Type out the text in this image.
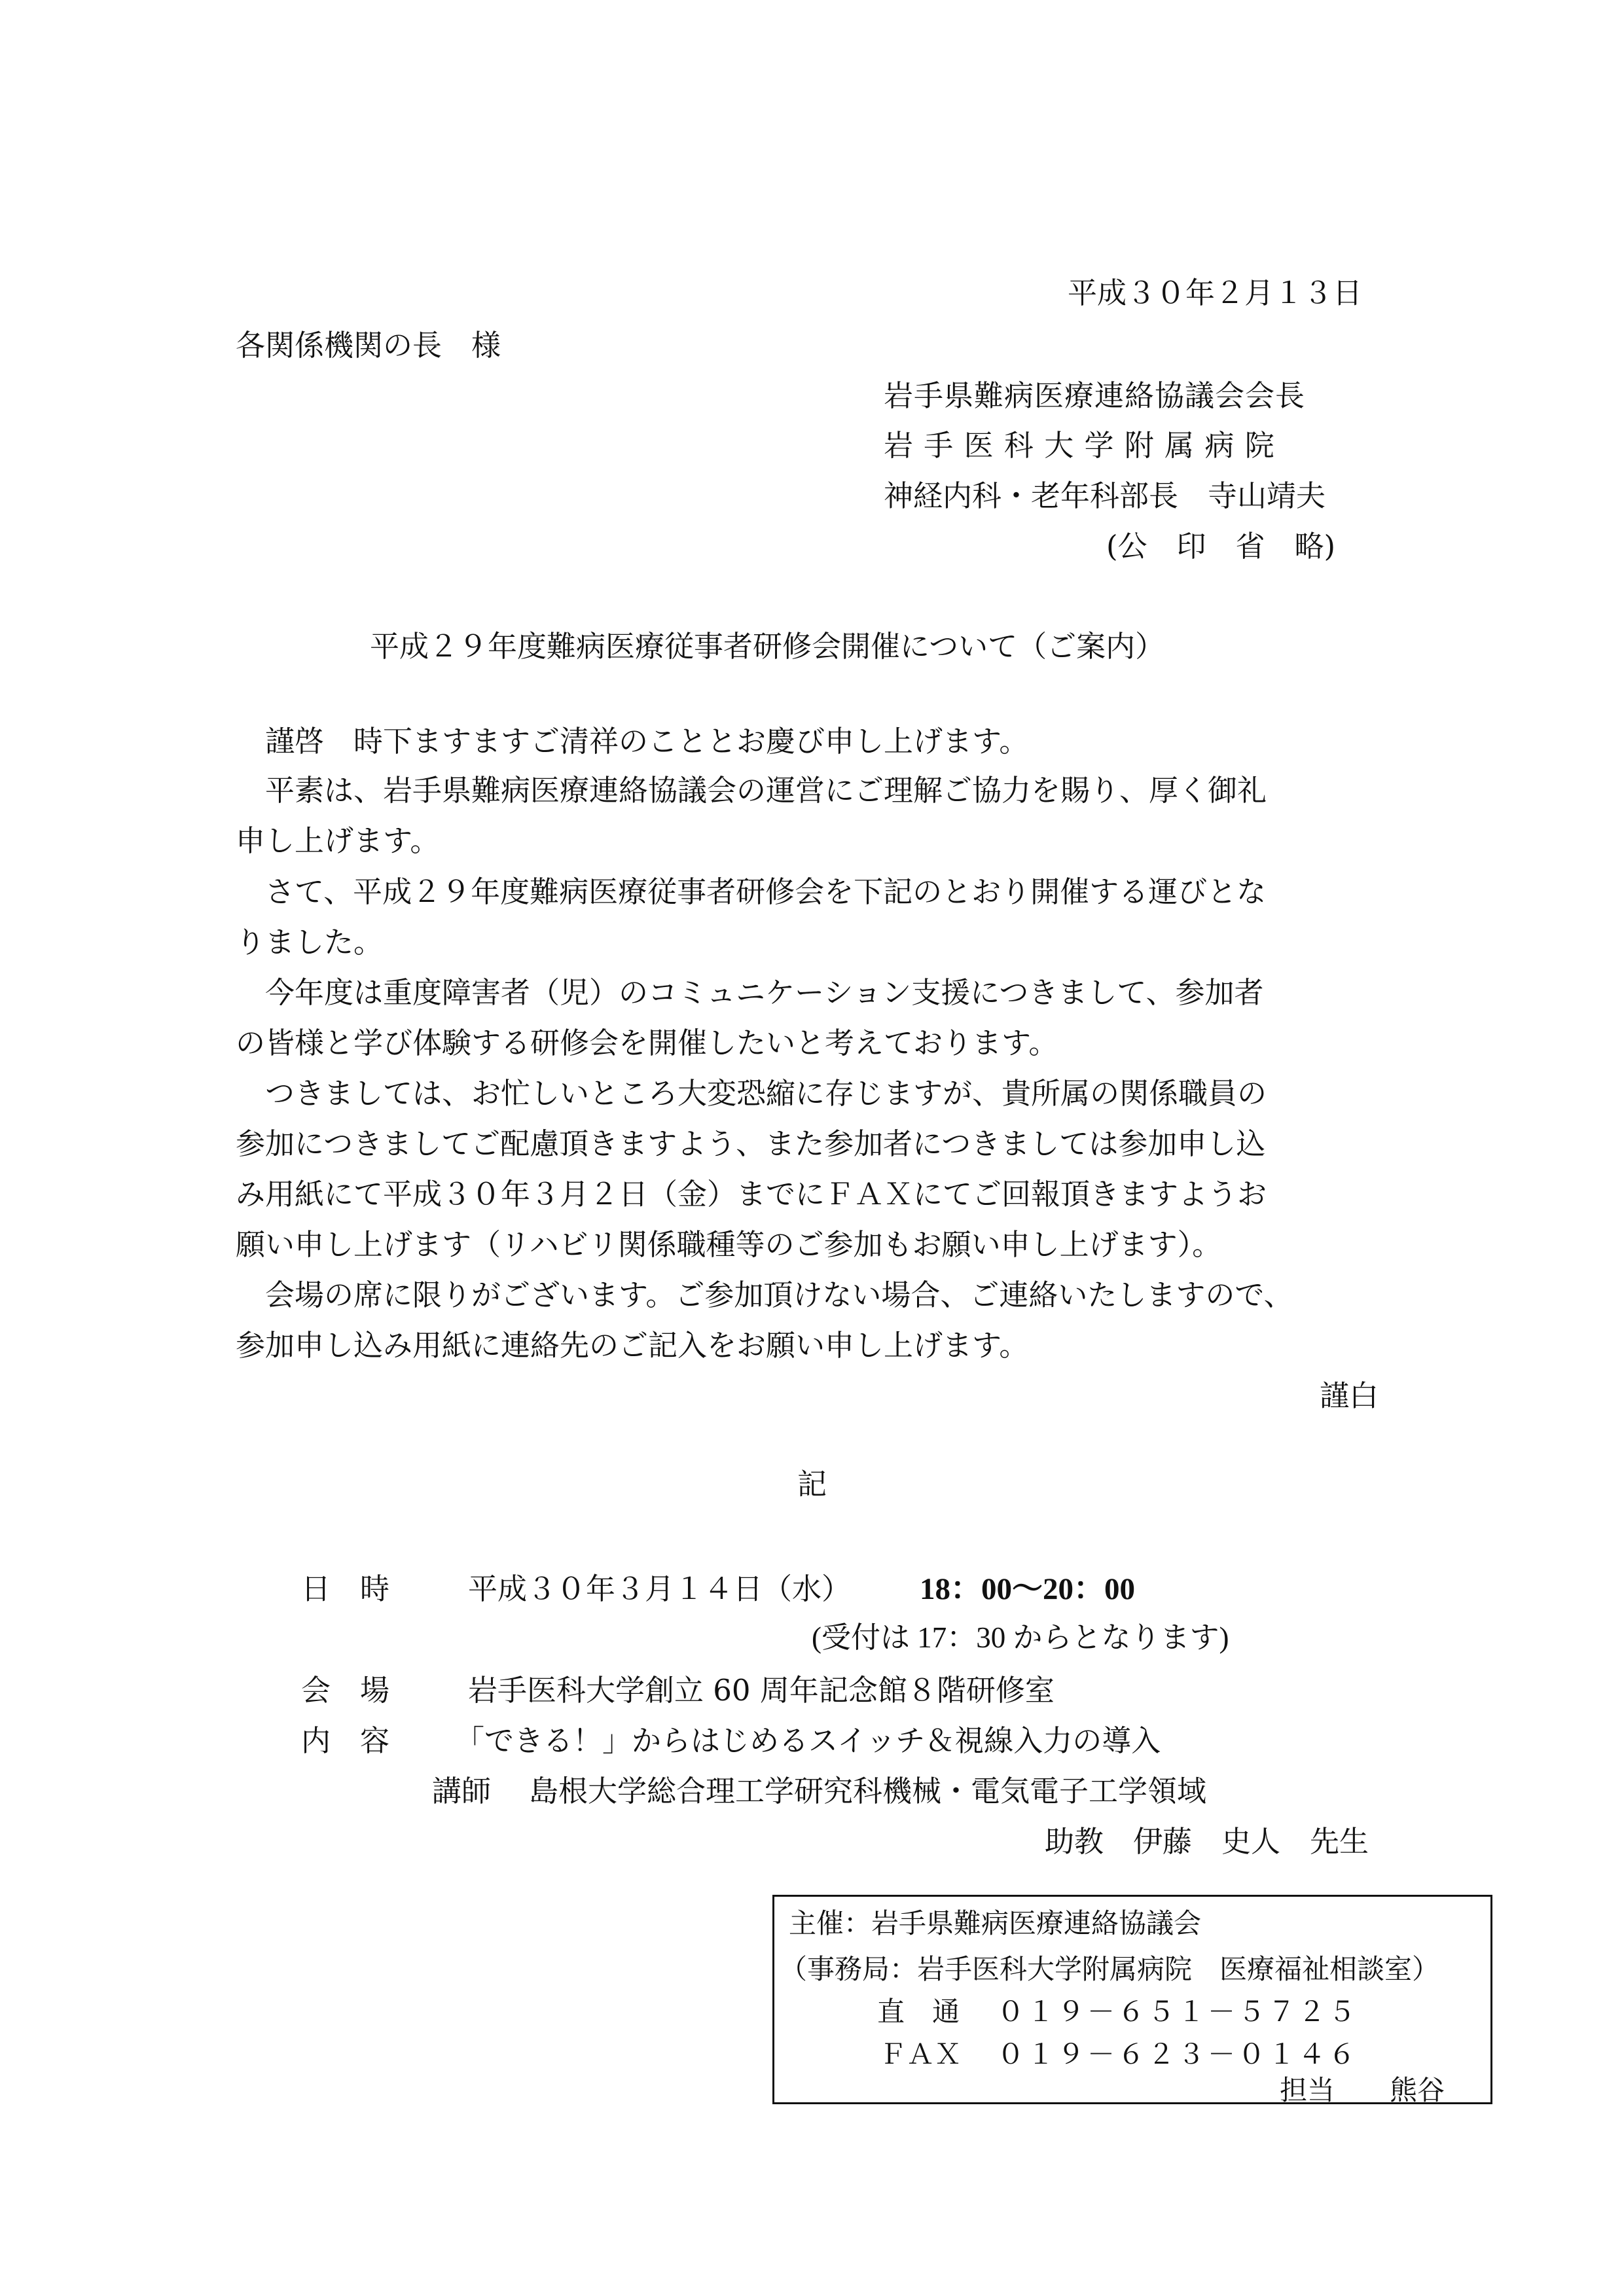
平成３０年２月１３日
各関係機関の長　様
岩手県難病医療連絡協議会会長
岩 手 医 科 大 学 附 属 病 院
神経内科・老年科部長　寺山靖夫
(公　印　省　略)
平成２９年度難病医療従事者研修会開催について（ご案内）
　謹啓　時下ますますご清祥のこととお慶び申し上げます。
　平素は、岩手県難病医療連絡協議会の運営にご理解ご協力を賜り、厚く御礼
申し上げます。
　さて、平成２９年度難病医療従事者研修会を下記のとおり開催する運びとな
りました。
　今年度は重度障害者（児）のコミュニケーション支援につきまして、参加者
の皆様と学び体験する研修会を開催したいと考えております。
　つきましては、お忙しいところ大変恐縮に存じますが、貴所属の関係職員の
参加につきましてご配慮頂きますよう、また参加者につきましては参加申し込
み用紙にて平成３０年３月２日（金）までにＦＡＸにてご回報頂きますようお
願い申し上げます（リハビリ関係職種等のご参加もお願い申し上げます）。
　会場の席に限りがございます。ご参加頂けない場合、ご連絡いたしますので、
参加申し込み用紙に連絡先のご記入をお願い申し上げます。
謹白
記
日　時	平成３０年３月１４日（水） 18：00～20：00
(受付は 17：30 からとなります)
会　場	岩手医科大学創立 60 周年記念館８階研修室
内　容 「できる！」からはじめるスイッチ＆視線入力の導入
講師 島根大学総合理工学研究科機械・電気電子工学領域
助教　伊藤　史人　先生
主催：岩手県難病医療連絡協議会
（事務局：岩手医科大学附属病院　医療福祉相談室）
直　通 ０１９－６５１－５７２５
ＦＡＸ ０１９－６２３－０１４６
担当　　熊谷
